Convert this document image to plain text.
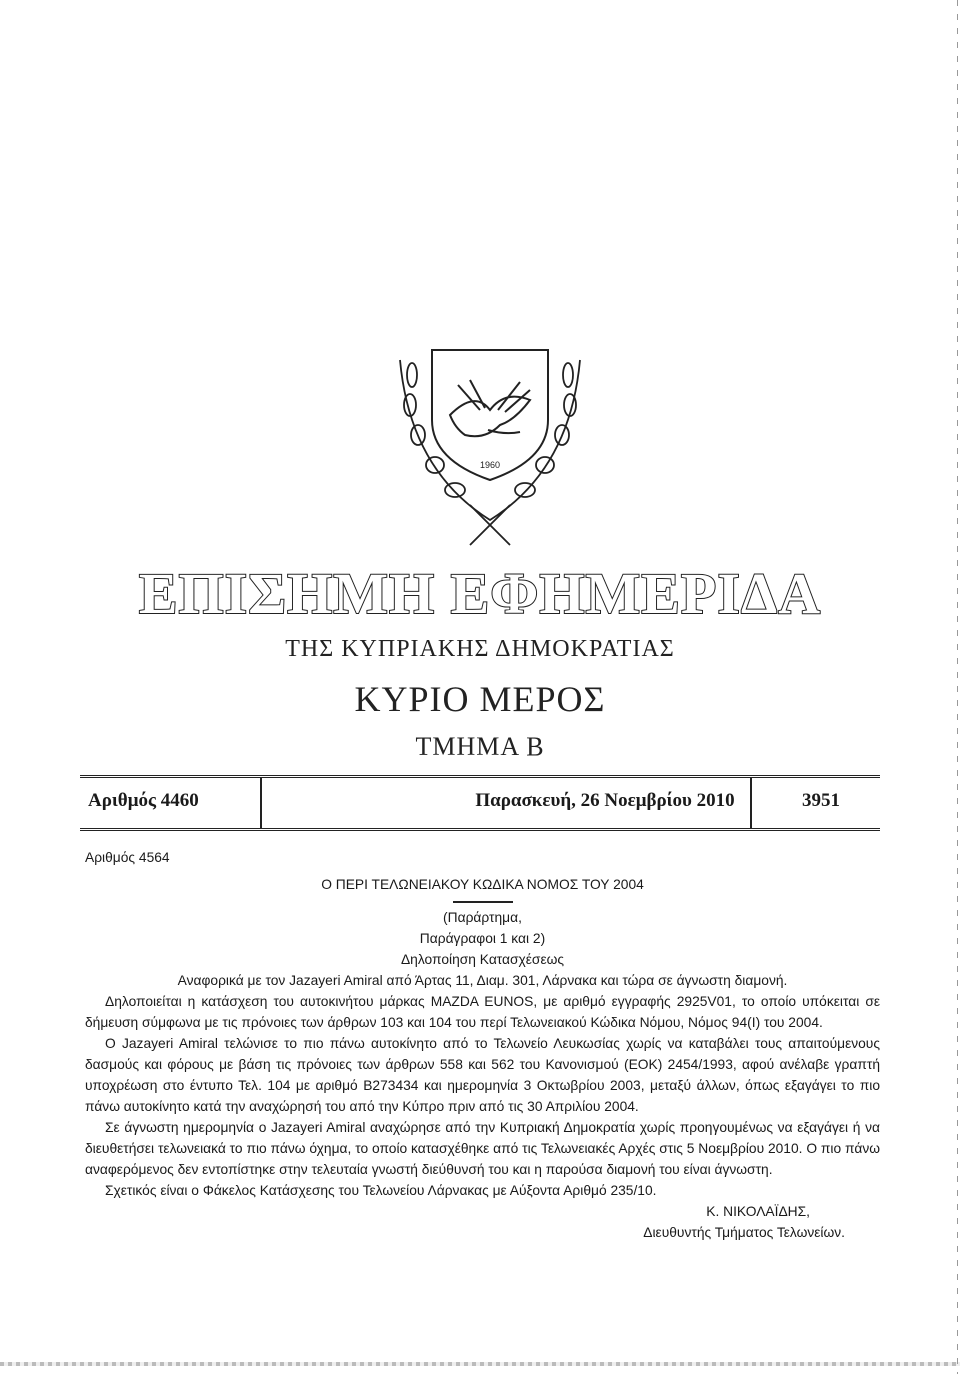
1960
ΕΠΙΣΗΜΗ ΕΦΗΜΕΡΙΔΑ
ΤΗΣ ΚΥΠΡΙΑΚΗΣ ΔΗΜΟΚΡΑΤΙΑΣ
ΚΥΡΙΟ ΜΕΡΟΣ
ΤΜΗΜΑ Β
Αριθμός 4460	Παρασκευή, 26 Νοεμβρίου 2010	3951
Αριθμός 4564
Ο ΠΕΡΙ ΤΕΛΩΝΕΙΑΚΟΥ ΚΩΔΙΚΑ ΝΟΜΟΣ ΤΟΥ 2004
(Παράρτημα,
Παράγραφοι 1 και 2)
Δηλοποίηση Κατασχέσεως
Αναφορικά με τον Jazayeri Amiral από Άρτας 11, Διαμ. 301, Λάρνακα και τώρα σε άγνωστη διαμονή.

Δηλοποιείται η κατάσχεση του αυτοκινήτου μάρκας MAZDA EUNOS, με αριθμό εγγραφής 2925V01, το οποίο υπόκειται σε δήμευση σύμφωνα με τις πρόνοιες των άρθρων 103 και 104 του περί Τελωνειακού Κώδικα Νόμου, Νόμος 94(Ι) του 2004.

Ο Jazayeri Amiral τελώνισε το πιο πάνω αυτοκίνητο από το Τελωνείο Λευκωσίας χωρίς να καταβάλει τους απαιτούμενους δασμούς και φόρους με βάση τις πρόνοιες των άρθρων 558 και 562 του Κανονισμού (ΕΟΚ) 2454/1993, αφού ανέλαβε γραπτή υποχρέωση στο έντυπο Τελ. 104 με αριθμό Β273434 και ημερομηνία 3 Οκτωβρίου 2003, μεταξύ άλλων, όπως εξαγάγει το πιο πάνω αυτοκίνητο κατά την αναχώρησή του από την Κύπρο πριν από τις 30 Απριλίου 2004.

Σε άγνωστη ημερομηνία ο Jazayeri Amiral αναχώρησε από την Κυπριακή Δημοκρατία χωρίς προηγουμένως να εξαγάγει ή να διευθετήσει τελωνειακά το πιο πάνω όχημα, το οποίο κατασχέθηκε από τις Τελωνειακές Αρχές στις 5 Νοεμβρίου 2010. Ο πιο πάνω αναφερόμενος δεν εντοπίστηκε στην τελευταία γνωστή διεύθυνσή του και η παρούσα διαμονή του είναι άγνωστη.

Σχετικός είναι ο Φάκελος Κατάσχεσης του Τελωνείου Λάρνακας με Αύξοντα Αριθμό 235/10.

Κ. ΝΙΚΟΛΑΪΔΗΣ,
Διευθυντής Τμήματος Τελωνείων.
